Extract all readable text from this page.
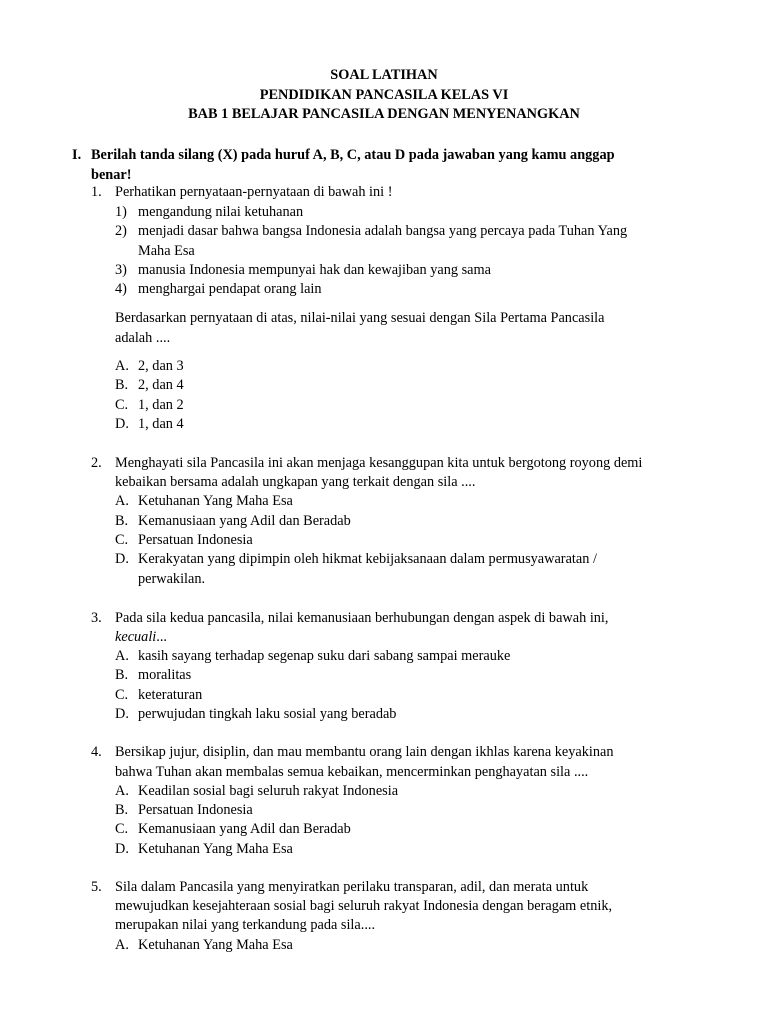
SOAL LATIHAN
PENDIDIKAN PANCASILA KELAS VI
BAB 1 BELAJAR PANCASILA DENGAN MENYENANGKAN
I. Berilah tanda silang (X) pada huruf A, B, C, atau D pada jawaban yang kamu anggap
benar!
1. Perhatikan pernyataan-pernyataan di bawah ini !
1) mengandung nilai ketuhanan
2) menjadi dasar bahwa bangsa Indonesia adalah bangsa yang percaya pada Tuhan Yang
Maha Esa
3) manusia Indonesia mempunyai hak dan kewajiban yang sama
4) menghargai pendapat orang lain
Berdasarkan pernyataan di atas, nilai-nilai yang sesuai dengan Sila Pertama Pancasila
adalah ....
A. 2, dan 3
B. 2, dan 4
C. 1, dan 2
D. 1, dan 4
2. Menghayati sila Pancasila ini akan menjaga kesanggupan kita untuk bergotong royong demi
kebaikan bersama adalah ungkapan yang terkait dengan sila ....
A. Ketuhanan Yang Maha Esa
B. Kemanusiaan yang Adil dan Beradab
C. Persatuan Indonesia
D. Kerakyatan yang dipimpin oleh hikmat kebijaksanaan dalam permusyawaratan /
perwakilan.
3. Pada sila kedua pancasila, nilai kemanusiaan berhubungan dengan aspek di bawah ini,
kecuali...
A. kasih sayang terhadap segenap suku dari sabang sampai merauke
B. moralitas
C. keteraturan
D. perwujudan tingkah laku sosial yang beradab
4. Bersikap jujur, disiplin, dan mau membantu orang lain dengan ikhlas karena keyakinan
bahwa Tuhan akan membalas semua kebaikan, mencerminkan penghayatan sila ....
A. Keadilan sosial bagi seluruh rakyat Indonesia
B. Persatuan Indonesia
C. Kemanusiaan yang Adil dan Beradab
D. Ketuhanan Yang Maha Esa
5. Sila dalam Pancasila yang menyiratkan perilaku transparan, adil, dan merata untuk
mewujudkan kesejahteraan sosial bagi seluruh rakyat Indonesia dengan beragam etnik,
merupakan nilai yang terkandung pada sila....
A. Ketuhanan Yang Maha Esa
